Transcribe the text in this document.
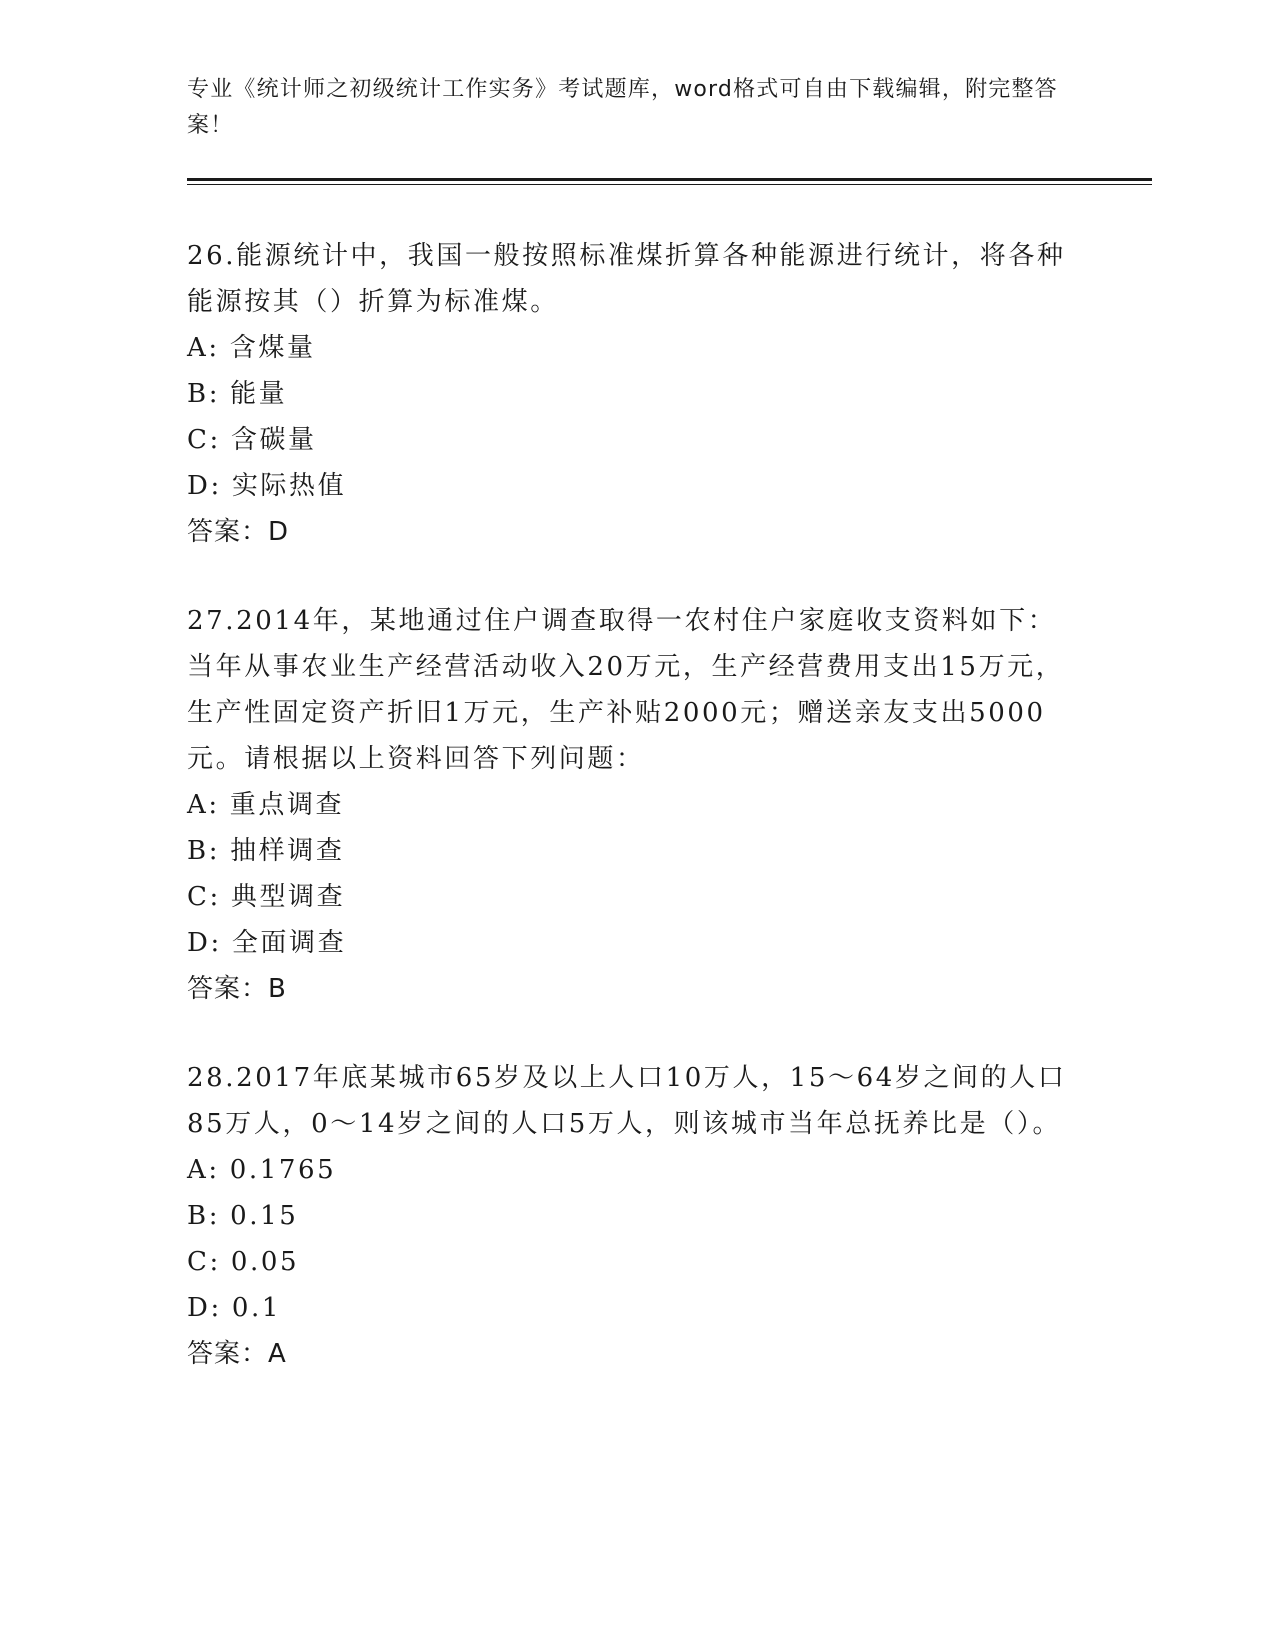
专业《统计师之初级统计工作实务》考试题库，word格式可自由下载编辑，附完整答案！

26.能源统计中，我国一般按照标准煤折算各种能源进行统计，将各种能源按其（）折算为标准煤。

A: 含煤量
B: 能量
C: 含碳量
D: 实际热值
答案：D

27.2014年，某地通过住户调查取得一农村住户家庭收支资料如下：当年从事农业生产经营活动收入20万元，生产经营费用支出15万元，生产性固定资产折旧1万元，生产补贴2000元；赠送亲友支出5000元。请根据以上资料回答下列问题：

A: 重点调查
B: 抽样调查
C: 典型调查
D: 全面调查
答案：B

28.2017年底某城市65岁及以上人口10万人，15～64岁之间的人口85万人，0～14岁之间的人口5万人，则该城市当年总抚养比是（）。

A: 0.1765
B: 0.15
C: 0.05
D: 0.1
答案：A
